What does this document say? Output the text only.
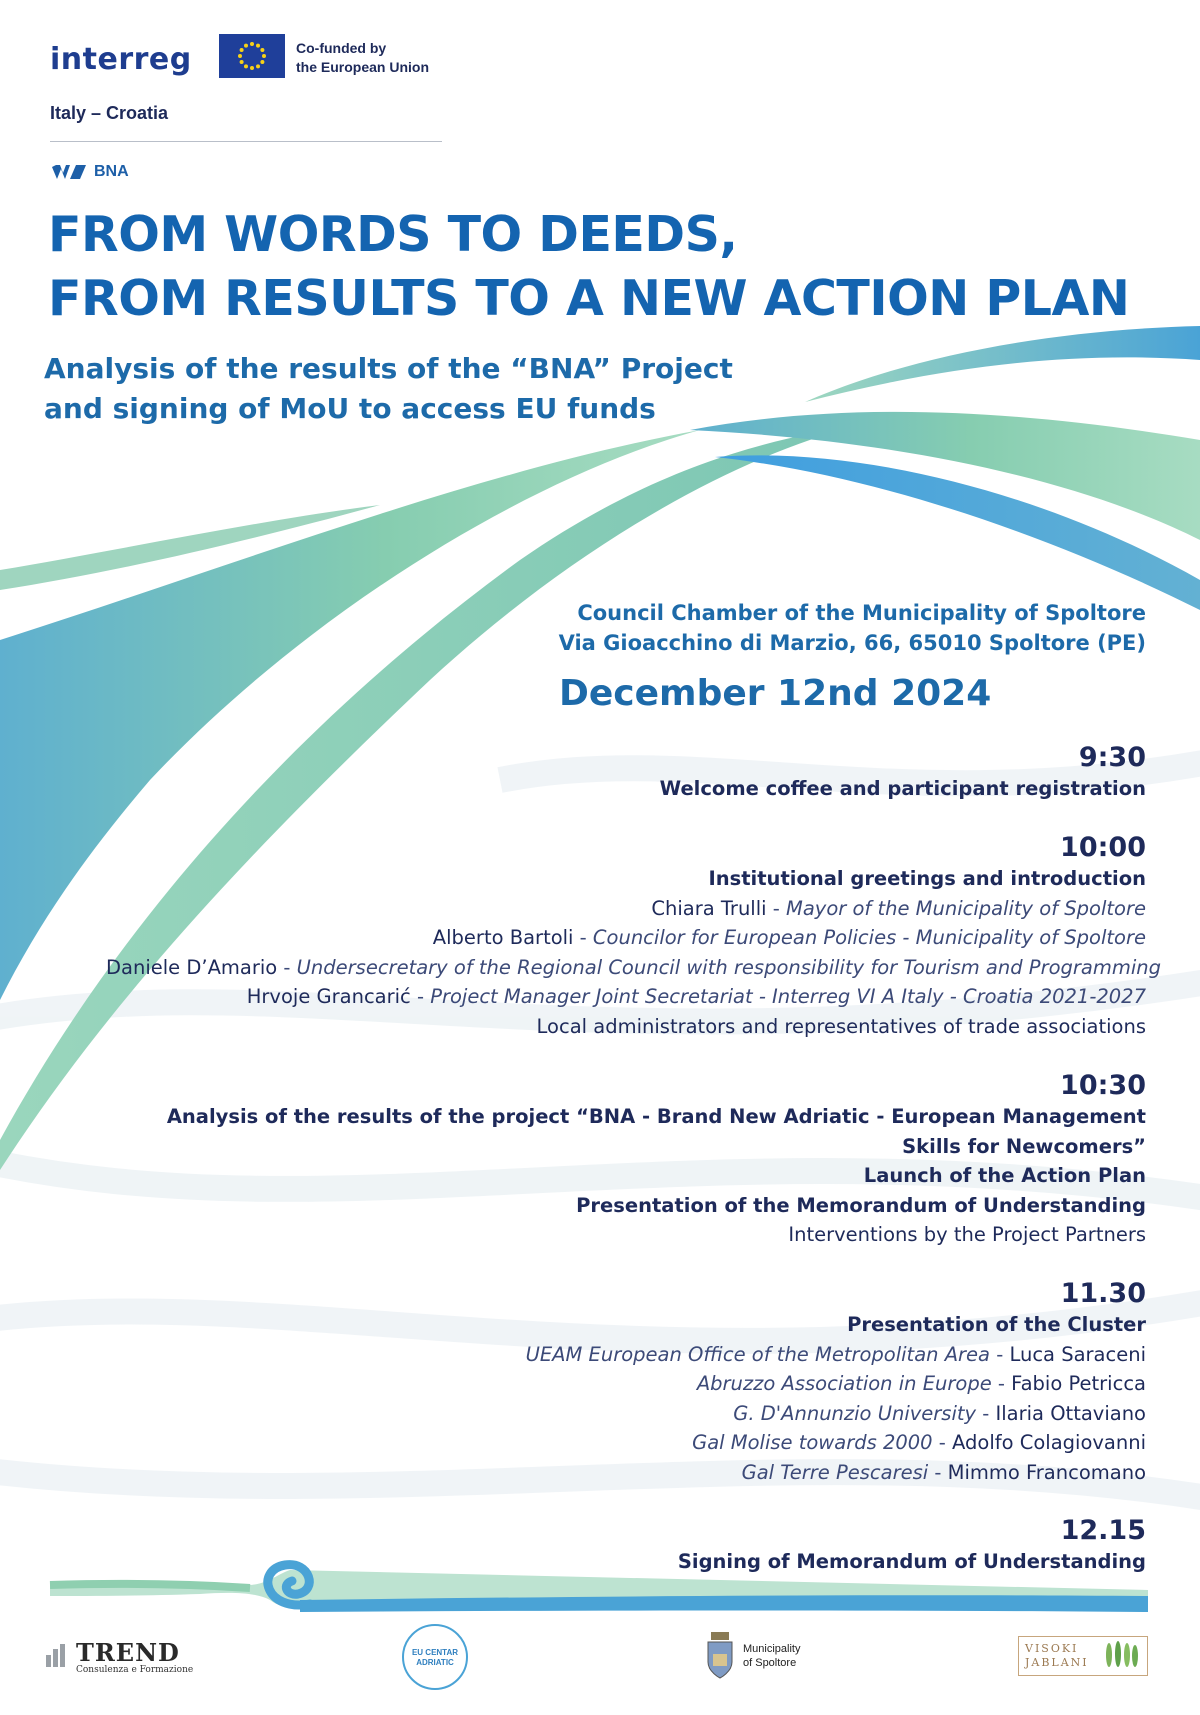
interreg	Co-funded by
the European Union
Italy – Croatia
BNA
FROM WORDS TO DEEDS,
FROM RESULTS TO A NEW ACTION PLAN
Analysis of the results of the “BNA” Project
and signing of MoU to access EU funds
Council Chamber of the Municipality of Spoltore
Via Gioacchino di Marzio, 66, 65010 Spoltore (PE)
December 12nd 2024
9:30
Welcome coffee and participant registration
10:00
Institutional greetings and introduction
Chiara Trulli - Mayor of the Municipality of Spoltore
Alberto Bartoli - Councilor for European Policies - Municipality of Spoltore
Daniele D’Amario - Undersecretary of the Regional Council with responsibility for Tourism and Programming
Hrvoje Grancarić - Project Manager Joint Secretariat - Interreg VI A Italy - Croatia 2021-2027
Local administrators and representatives of trade associations
10:30
Analysis of the results of the project “BNA - Brand New Adriatic - European Management
Skills for Newcomers”
Launch of the Action Plan
Presentation of the Memorandum of Understanding
Interventions by the Project Partners
11.30
Presentation of the Cluster
UEAM European Office of the Metropolitan Area - Luca Saraceni
Abruzzo Association in Europe - Fabio Petricca
G. D'Annunzio University - Ilaria Ottaviano
Gal Molise towards 2000 - Adolfo Colagiovanni
Gal Terre Pescaresi - Mimmo Francomano
12.15
Signing of Memorandum of Understanding
TREND
Consulenza e Formazione
EU CENTAR
ADRIATIC
Municipality
of Spoltore
VISOKI
JABLANI
